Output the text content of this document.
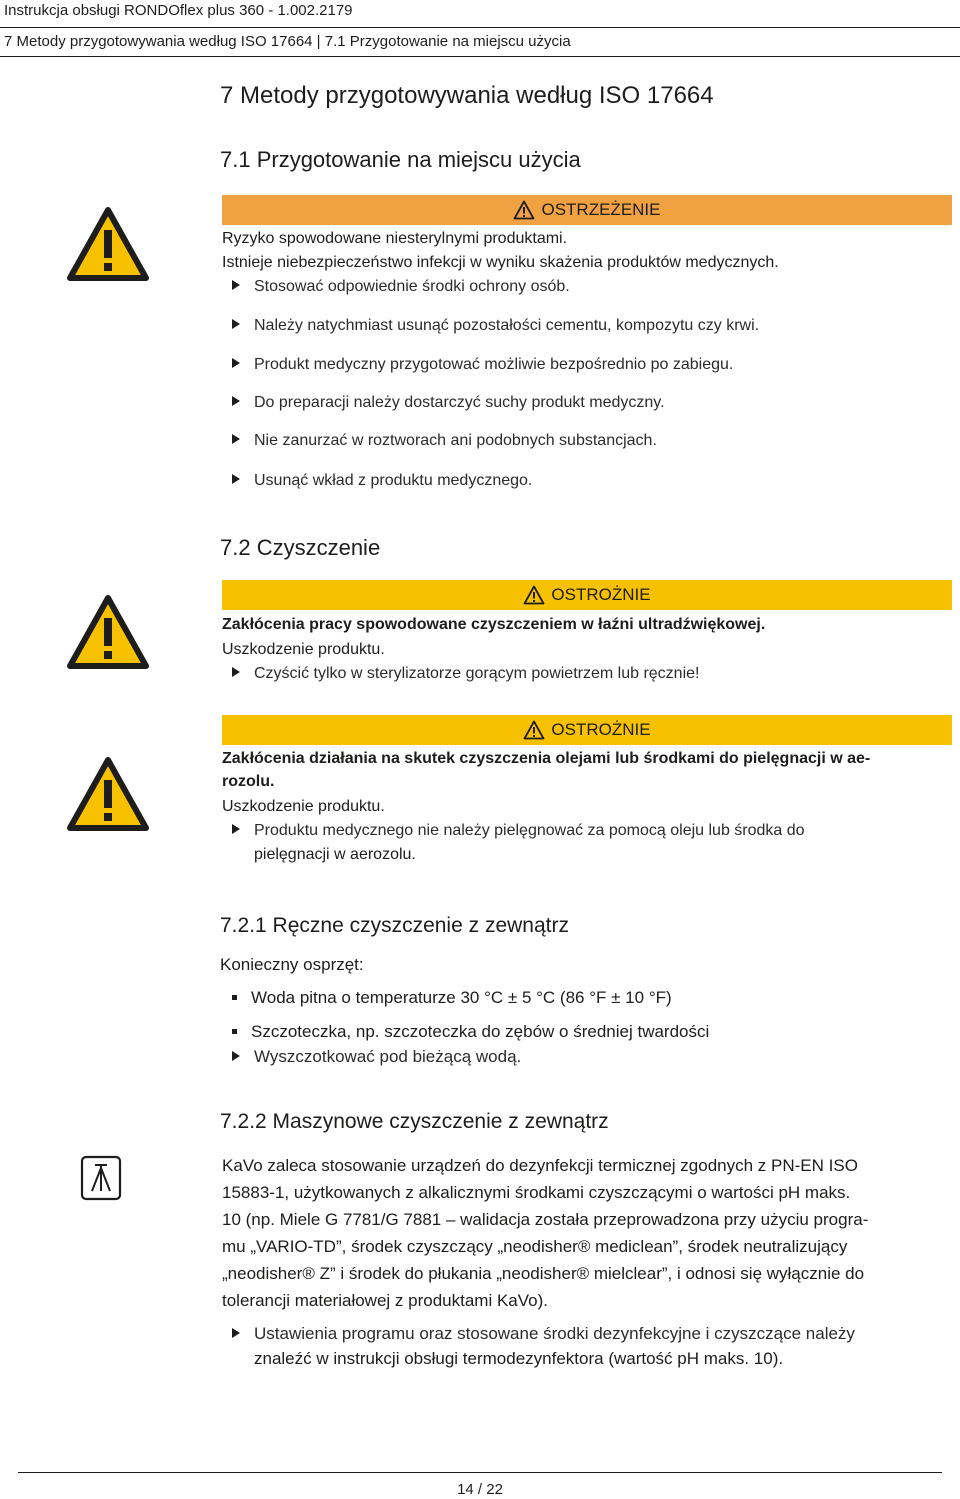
Instrukcja obsługi RONDOflex plus 360 - 1.002.2179
7 Metody przygotowywania według ISO 17664 | 7.1 Przygotowanie na miejscu użycia
7 Metody przygotowywania według ISO 17664
7.1 Przygotowanie na miejscu użycia
OSTRZEŻENIE
Ryzyko spowodowane niesterylnymi produktami.
Istnieje niebezpieczeństwo infekcji w wyniku skażenia produktów medycznych.
Stosować odpowiednie środki ochrony osób.
Należy natychmiast usunąć pozostałości cementu, kompozytu czy krwi.
Produkt medyczny przygotować możliwie bezpośrednio po zabiegu.
Do preparacji należy dostarczyć suchy produkt medyczny.
Nie zanurzać w roztworach ani podobnych substancjach.
Usunąć wkład z produktu medycznego.
7.2 Czyszczenie
OSTROŻNIE
Zakłócenia pracy spowodowane czyszczeniem w łaźni ultradźwiękowej.
Uszkodzenie produktu.
Czyścić tylko w sterylizatorze gorącym powietrzem lub ręcznie!
OSTROŻNIE
Zakłócenia działania na skutek czyszczenia olejami lub środkami do pielęgnacji w ae-
rozolu.
Uszkodzenie produktu.
Produktu medycznego nie należy pielęgnować za pomocą oleju lub środka do
pielęgnacji w aerozolu.
7.2.1 Ręczne czyszczenie z zewnątrz
Konieczny osprzęt:
Woda pitna o temperaturze 30 °C ± 5 °C (86 °F ± 10 °F)
Szczoteczka, np. szczoteczka do zębów o średniej twardości
Wyszczotkować pod bieżącą wodą.
7.2.2 Maszynowe czyszczenie z zewnątrz
KaVo zaleca stosowanie urządzeń do dezynfekcji termicznej zgodnych z PN-EN ISO
15883-1, użytkowanych z alkalicznymi środkami czyszczącymi o wartości pH maks.
10 (np. Miele G 7781/G 7881 – walidacja została przeprowadzona przy użyciu progra-
mu „VARIO-TD”, środek czyszczący „neodisher® mediclean”, środek neutralizujący
„neodisher® Z” i środek do płukania „neodisher® mielclear”, i odnosi się wyłącznie do
tolerancji materiałowej z produktami KaVo).
Ustawienia programu oraz stosowane środki dezynfekcyjne i czyszczące należy
znaleźć w instrukcji obsługi termodezynfektora (wartość pH maks. 10).
14 / 22
